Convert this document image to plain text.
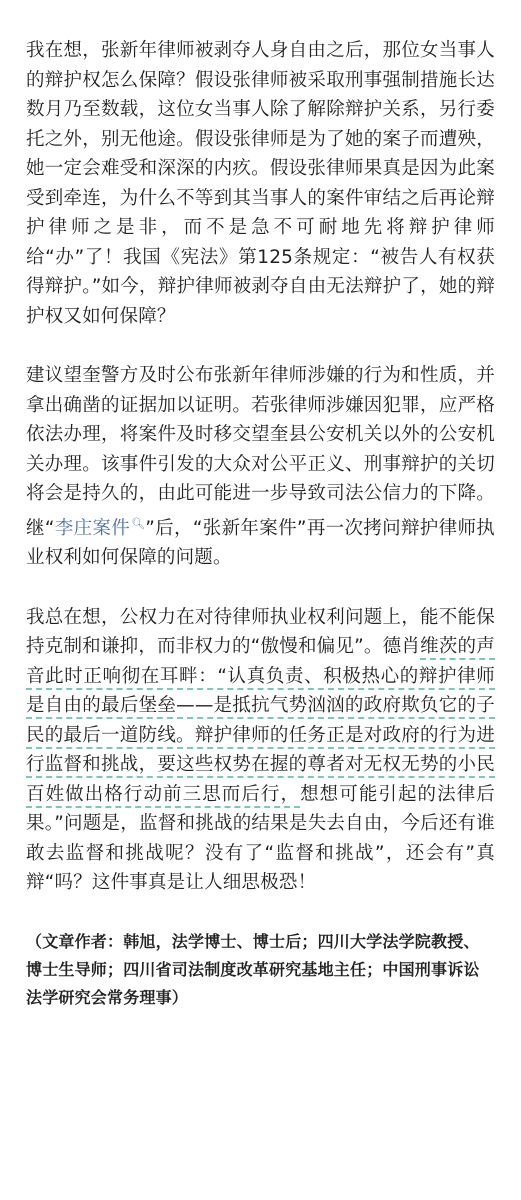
我在想，张新年律师被剥夺人身自由之后，那位女当事人的辩护权怎么保障？假设张律师被采取刑事强制措施长达数月乃至数载，这位女当事人除了解除辩护关系，另行委托之外，别无他途。假设张律师是为了她的案子而遭殃，她一定会难受和深深的内疚。假设张律师果真是因为此案受到牵连，为什么不等到其当事人的案件审结之后再论辩护律师之是非，而不是急不可耐地先将辩护律师给“办”了！我国《宪法》第125条规定：“被告人有权获得辩护。”如今，辩护律师被剥夺自由无法辩护了，她的辩护权又如何保障？

建议望奎警方及时公布张新年律师涉嫌的行为和性质，并拿出确凿的证据加以证明。若张律师涉嫌因犯罪，应严格依法办理，将案件及时移交望奎县公安机关以外的公安机关办理。该事件引发的大众对公平正义、刑事辩护的关切将会是持久的，由此可能进一步导致司法公信力的下降。继“李庄案件🔍︎”后，“张新年案件”再一次拷问辩护律师执业权利如何保障的问题。

我总在想，公权力在对待律师执业权利问题上，能不能保持克制和谦抑，而非权力的“傲慢和偏见”。德肖维茨的声音此时正响彻在耳畔：“认真负责、积极热心的辩护律师是自由的最后堡垒——是抵抗气势汹汹的政府欺负它的子民的最后一道防线。辩护律师的任务正是对政府的行为进行监督和挑战，要这些权势在握的尊者对无权无势的小民百姓做出格行动前三思而后行，想想可能引起的法律后果。”问题是，监督和挑战的结果是失去自由，今后还有谁敢去监督和挑战呢？没有了“监督和挑战”，还会有”真辩“吗？这件事真是让人细思极恐！

（文章作者：韩旭，法学博士、博士后；四川大学法学院教授、博士生导师；四川省司法制度改革研究基地主任；中国刑事诉讼法学研究会常务理事）
